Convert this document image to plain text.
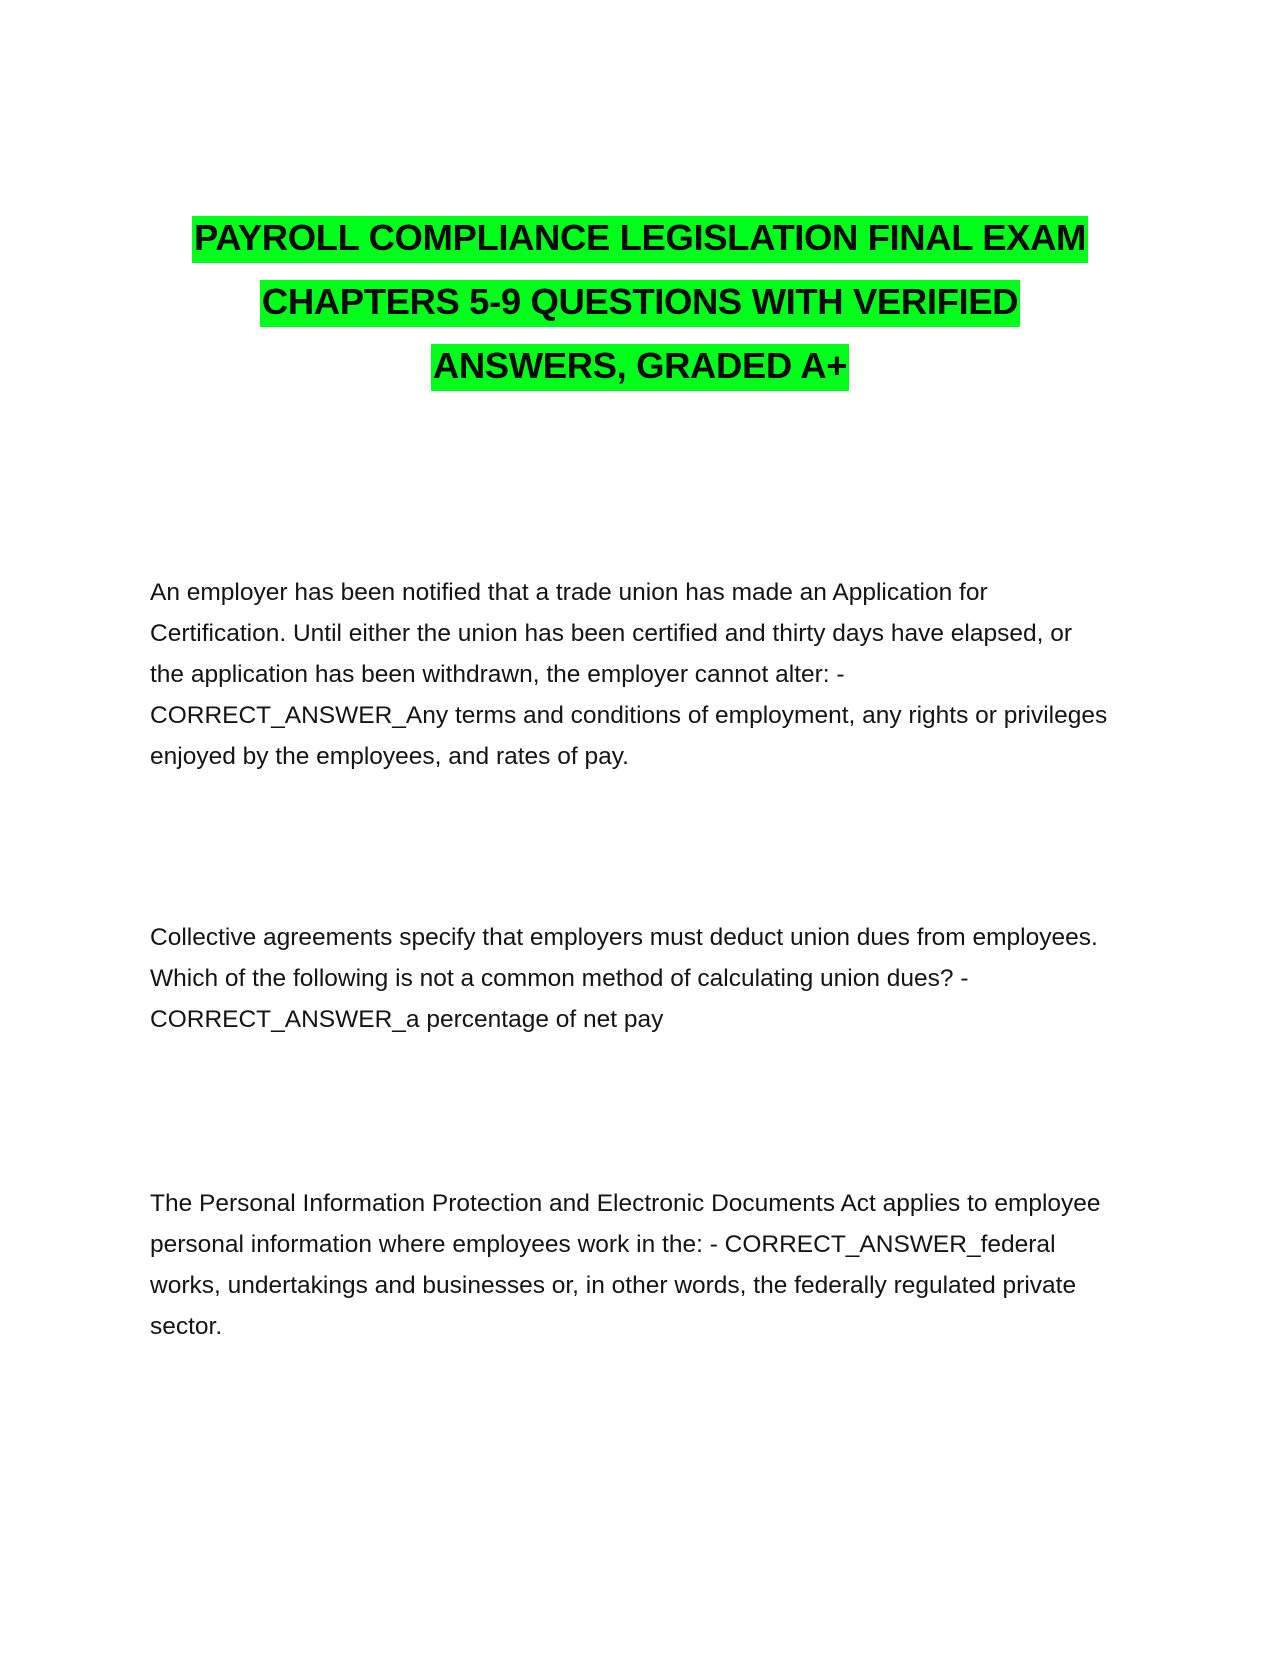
PAYROLL COMPLIANCE LEGISLATION FINAL EXAM
CHAPTERS 5-9 QUESTIONS WITH VERIFIED
ANSWERS, GRADED A+
An employer has been notified that a trade union has made an Application for Certification. Until either the union has been certified and thirty days have elapsed, or the application has been withdrawn, the employer cannot alter: - CORRECT_ANSWER_Any terms and conditions of employment, any rights or privileges enjoyed by the employees, and rates of pay.
Collective agreements specify that employers must deduct union dues from employees. Which of the following is not a common method of calculating union dues? - CORRECT_ANSWER_a percentage of net pay
The Personal Information Protection and Electronic Documents Act applies to employee personal information where employees work in the: - CORRECT_ANSWER_federal works, undertakings and businesses or, in other words, the federally regulated private sector.
